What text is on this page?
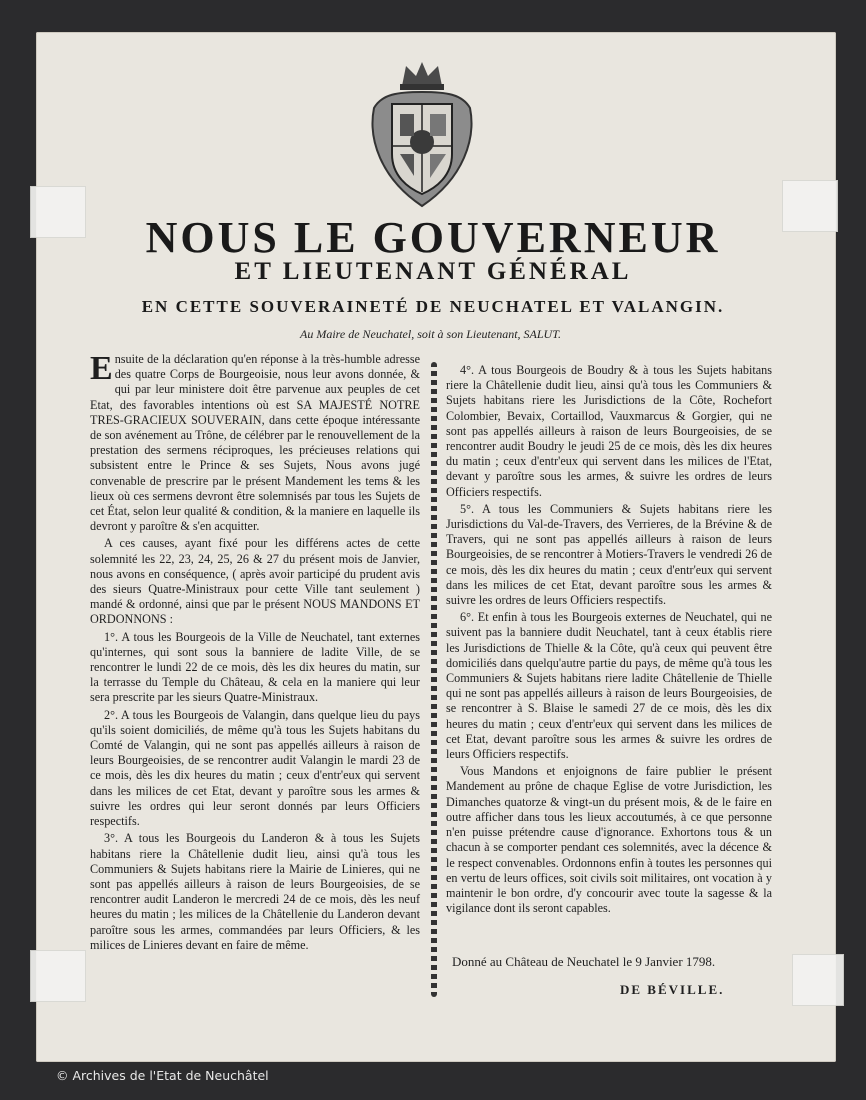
NOUS LE GOUVERNEUR
ET LIEUTENANT GÉNÉRAL
EN CETTE SOUVERAINETÉ DE NEUCHATEL ET VALANGIN.
Au Maire de Neuchatel, soit à son Lieutenant, SALUT.

Ensuite de la déclaration qu'en réponse à la très-humble adresse des quatre Corps de Bourgeoisie, nous leur avons donnée, & qui par leur ministere doit être parvenue aux peuples de cet Etat, des favorables intentions où est SA MAJESTÉ NOTRE TRES-GRACIEUX SOUVERAIN, dans cette époque intéressante de son avénement au Trône, de célébrer par le renouvellement de la prestation des sermens réciproques, les précieuses relations qui subsistent entre le Prince & ses Sujets, Nous avons jugé convenable de prescrire par le présent Mandement les tems & les lieux où ces sermens devront être solemnisés par tous les Sujets de cet État, selon leur qualité & condition, & la maniere en laquelle ils devront y paroître & s'en acquitter.

A ces causes, ayant fixé pour les différens actes de cette solemnité les 22, 23, 24, 25, 26 & 27 du présent mois de Janvier, nous avons en conséquence, ( après avoir participé du prudent avis des sieurs Quatre-Ministraux pour cette Ville tant seulement ) mandé & ordonné, ainsi que par le présent NOUS MANDONS ET ORDONNONS :

1°. A tous les Bourgeois de la Ville de Neuchatel, tant externes qu'internes, qui sont sous la banniere de ladite Ville, de se rencontrer le lundi 22 de ce mois, dès les dix heures du matin, sur la terrasse du Temple du Château, & cela en la maniere qui leur sera prescrite par les sieurs Quatre-Ministraux.

2°. A tous les Bourgeois de Valangin, dans quelque lieu du pays qu'ils soient domiciliés, de même qu'à tous les Sujets habitans du Comté de Valangin, qui ne sont pas appellés ailleurs à raison de leurs Bourgeoisies, de se rencontrer audit Valangin le mardi 23 de ce mois, dès les dix heures du matin ; ceux d'entr'eux qui servent dans les milices de cet Etat, devant y paroître sous les armes & suivre les ordres qui leur seront donnés par leurs Officiers respectifs.

3°. A tous les Bourgeois du Landeron & à tous les Sujets habitans riere la Châtellenie dudit lieu, ainsi qu'à tous les Communiers & Sujets habitans riere la Mairie de Linieres, qui ne sont pas appellés ailleurs à raison de leurs Bourgeoisies, de se rencontrer audit Landeron le mercredi 24 de ce mois, dès les neuf heures du matin ; les milices de la Châtellenie du Landeron devant paroître sous les armes, commandées par leurs Officiers, & les milices de Linieres devant en faire de même.

4°. A tous Bourgeois de Boudry & à tous les Sujets habitans riere la Châtellenie dudit lieu, ainsi qu'à tous les Communiers & Sujets habitans riere les Jurisdictions de la Côte, Rochefort Colombier, Bevaix, Cortaillod, Vauxmarcus & Gorgier, qui ne sont pas appellés ailleurs à raison de leurs Bourgeoisies, de se rencontrer audit Boudry le jeudi 25 de ce mois, dès les dix heures du matin ; ceux d'entr'eux qui servent dans les milices de l'Etat, devant y paroître sous les armes, & suivre les ordres de leurs Officiers respectifs.

5°. A tous les Communiers & Sujets habitans riere les Jurisdictions du Val-de-Travers, des Verrieres, de la Brévine & de Travers, qui ne sont pas appellés ailleurs à raison de leurs Bourgeoisies, de se rencontrer à Motiers-Travers le vendredi 26 de ce mois, dès les dix heures du matin ; ceux d'entr'eux qui servent dans les milices de cet Etat, devant paroître sous les armes & suivre les ordres de leurs Officiers respectifs.

6°. Et enfin à tous les Bourgeois externes de Neuchatel, qui ne suivent pas la banniere dudit Neuchatel, tant à ceux établis riere les Jurisdictions de Thielle & la Côte, qu'à ceux qui peuvent être domiciliés dans quelqu'autre partie du pays, de même qu'à tous les Communiers & Sujets habitans riere ladite Châtellenie de Thielle qui ne sont pas appellés ailleurs à raison de leurs Bourgeoisies, de se rencontrer à S. Blaise le samedi 27 de ce mois, dès les dix heures du matin ; ceux d'entr'eux qui servent dans les milices de cet Etat, devant paroître sous les armes & suivre les ordres de leurs Officiers respectifs.

Vous Mandons et enjoignons de faire publier le présent Mandement au prône de chaque Eglise de votre Jurisdiction, les Dimanches quatorze & vingt-un du présent mois, & de le faire en outre afficher dans tous les lieux accoutumés, à ce que personne n'en puisse prétendre cause d'ignorance. Exhortons tous & un chacun à se comporter pendant ces solemnités, avec la décence & le respect convenables. Ordonnons enfin à toutes les personnes qui en vertu de leurs offices, soit civils soit militaires, ont vocation à y maintenir le bon ordre, d'y concourir avec toute la sagesse & la vigilance dont ils seront capables.

Donné au Château de Neuchatel le 9 Janvier 1798.
DE BÉVILLE.
© Archives de l'Etat de Neuchâtel
